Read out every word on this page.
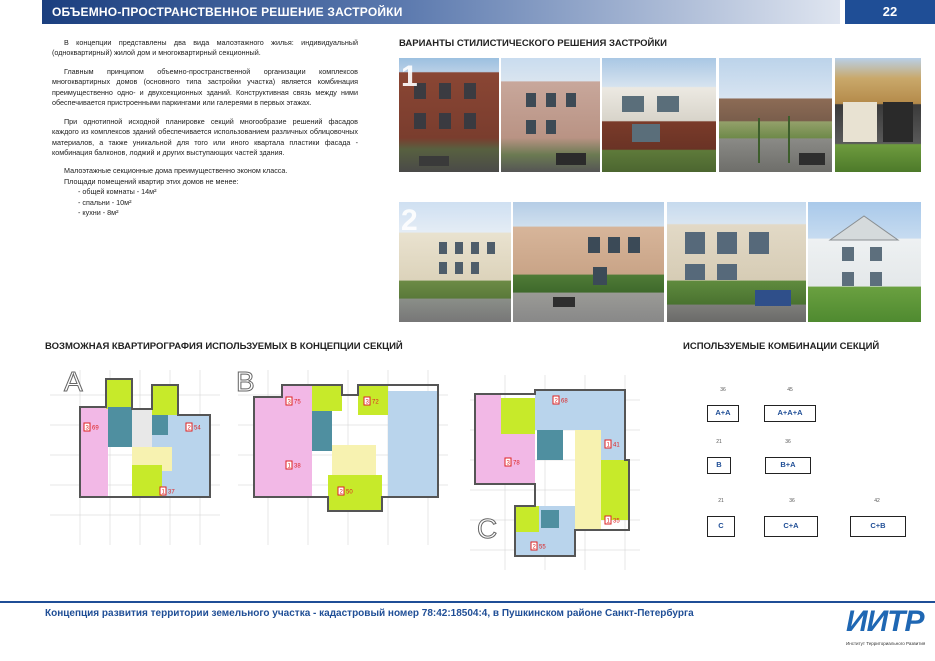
ОБЪЕМНО-ПРОСТРАНСТВЕННОЕ РЕШЕНИЕ ЗАСТРОЙКИ	22

В концепции представлены два вида малоэтажного жилья: индивидуальный (одноквартирный) жилой дом и многоквартирный секционный.

Главным принципом объемно-пространственной организации комплексов многоквартирных домов (основного типа застройки участка) является комбинация преимущественно одно- и двухсекционных зданий. Конструктивная связь между ними обеспечивается пристроенными паркингами или галереями в первых этажах.

При однотипной исходной планировке секций многообразие решений фасадов каждого из комплексов зданий обеспечивается использованием различных облицовочных материалов, а также уникальной для того или иного квартала пластики фасада - комбинация балконов, лоджий и других выступающих частей здания.

Малоэтажные секционные дома преимущественно эконом класса.

Площади помещений квартир этих домов не менее:

- общей комнаты - 14м²

- спальни - 10м²

- кухни - 8м²

ВАРИАНТЫ СТИЛИСТИЧЕСКОГО РЕШЕНИЯ ЗАСТРОЙКИ
1
2
ВОЗМОЖНАЯ КВАРТИРОГРАФИЯ ИСПОЛЬЗУЕМЫХ В КОНЦЕПЦИИ СЕКЦИЙ	ИСПОЛЬЗУЕМЫЕ КОМБИНАЦИИ СЕКЦИЙ
A
3 69	2 54
1 37
B
3 75	3 72
1 38
2 50
C
2 68
3 78
1 41
1 35
2 55
36
A+A
45
A+A+A
21
B
36
B+A
21
C
36
C+A
42
C+B
Концепция развития территории земельного участка - кадастровый номер 78:42:18504:4, в Пушкинском районе Санкт-Петербурга	ИИТР
Институт Территориального Развития
